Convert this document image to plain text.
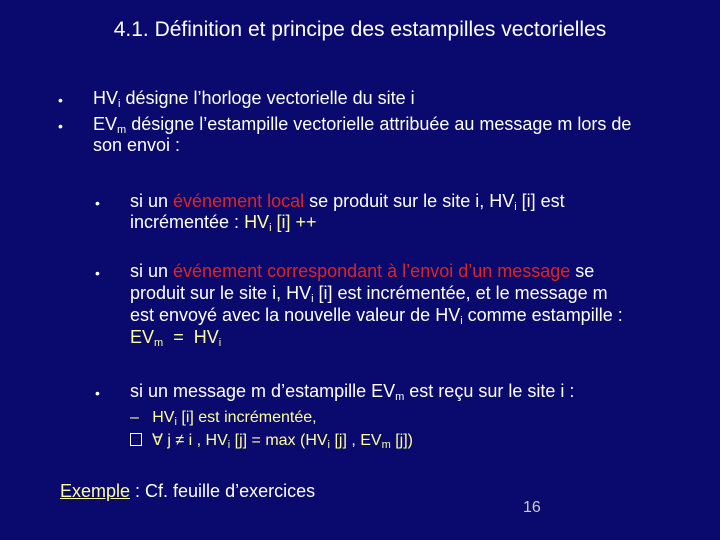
4.1. Définition et principe des estampilles vectorielles
• $HV_i$ désigne l’horloge vectorielle du site i
• $EV_m$ désigne l’estampille vectorielle attribuée au message m lors de
son envoi :
• si un événement local se produit sur le site i, $HV_i$ [i] est
incrémentée : $HV_i$ [i] ++
• si un événement correspondant à l’envoi d’un message se
produit sur le site i, $HV_i$ [i] est incrémentée, et le message m
est envoyé avec la nouvelle valeur de $HV_i$ comme estampille :
$EV_m = HV_i$
• si un message m d’estampille $EV_m$ est reçu sur le site i :
– $HV_i$ [i] est incrémentée,
∀ j ≠ i , $HV_i$ $[j] = \max (HV_i$ [j] , $EV_m$ [j])
Exemple : Cf. feuille d’exercices
16
